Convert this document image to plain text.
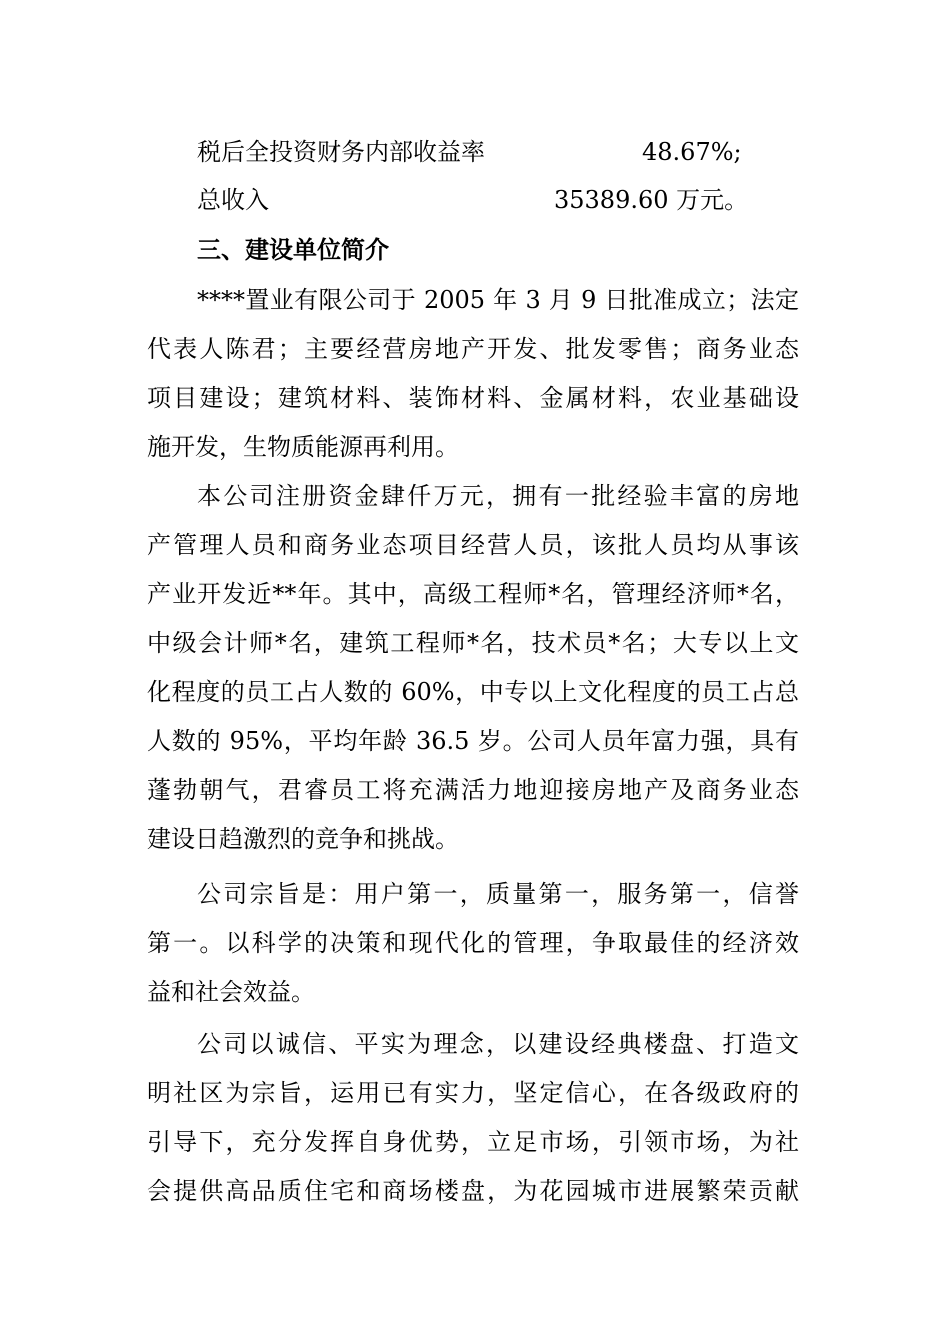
税后全投资财务内部收益率	48.67%;
总收入	35389.60 万元。
三、建设单位简介
****置业有限公司于 2005 年 3 月 9 日批准成立；法定
代表人陈君；主要经营房地产开发、批发零售；商务业态
项目建设；建筑材料、装饰材料、金属材料，农业基础设
施开发，生物质能源再利用。
本公司注册资金肆仟万元，拥有一批经验丰富的房地
产管理人员和商务业态项目经营人员，该批人员均从事该
产业开发近**年。其中，高级工程师*名，管理经济师*名，
中级会计师*名，建筑工程师*名，技术员*名；大专以上文
化程度的员工占人数的 60%，中专以上文化程度的员工占总
人数的 95%，平均年龄 36.5 岁。公司人员年富力强，具有
蓬勃朝气，君睿员工将充满活力地迎接房地产及商务业态
建设日趋激烈的竞争和挑战。
公司宗旨是：用户第一，质量第一，服务第一，信誉
第一。以科学的决策和现代化的管理，争取最佳的经济效
益和社会效益。
公司以诚信、平实为理念，以建设经典楼盘、打造文
明社区为宗旨，运用已有实力，坚定信心，在各级政府的
引导下，充分发挥自身优势，立足市场，引领市场，为社
会提供高品质住宅和商场楼盘，为花园城市进展繁荣贡献
